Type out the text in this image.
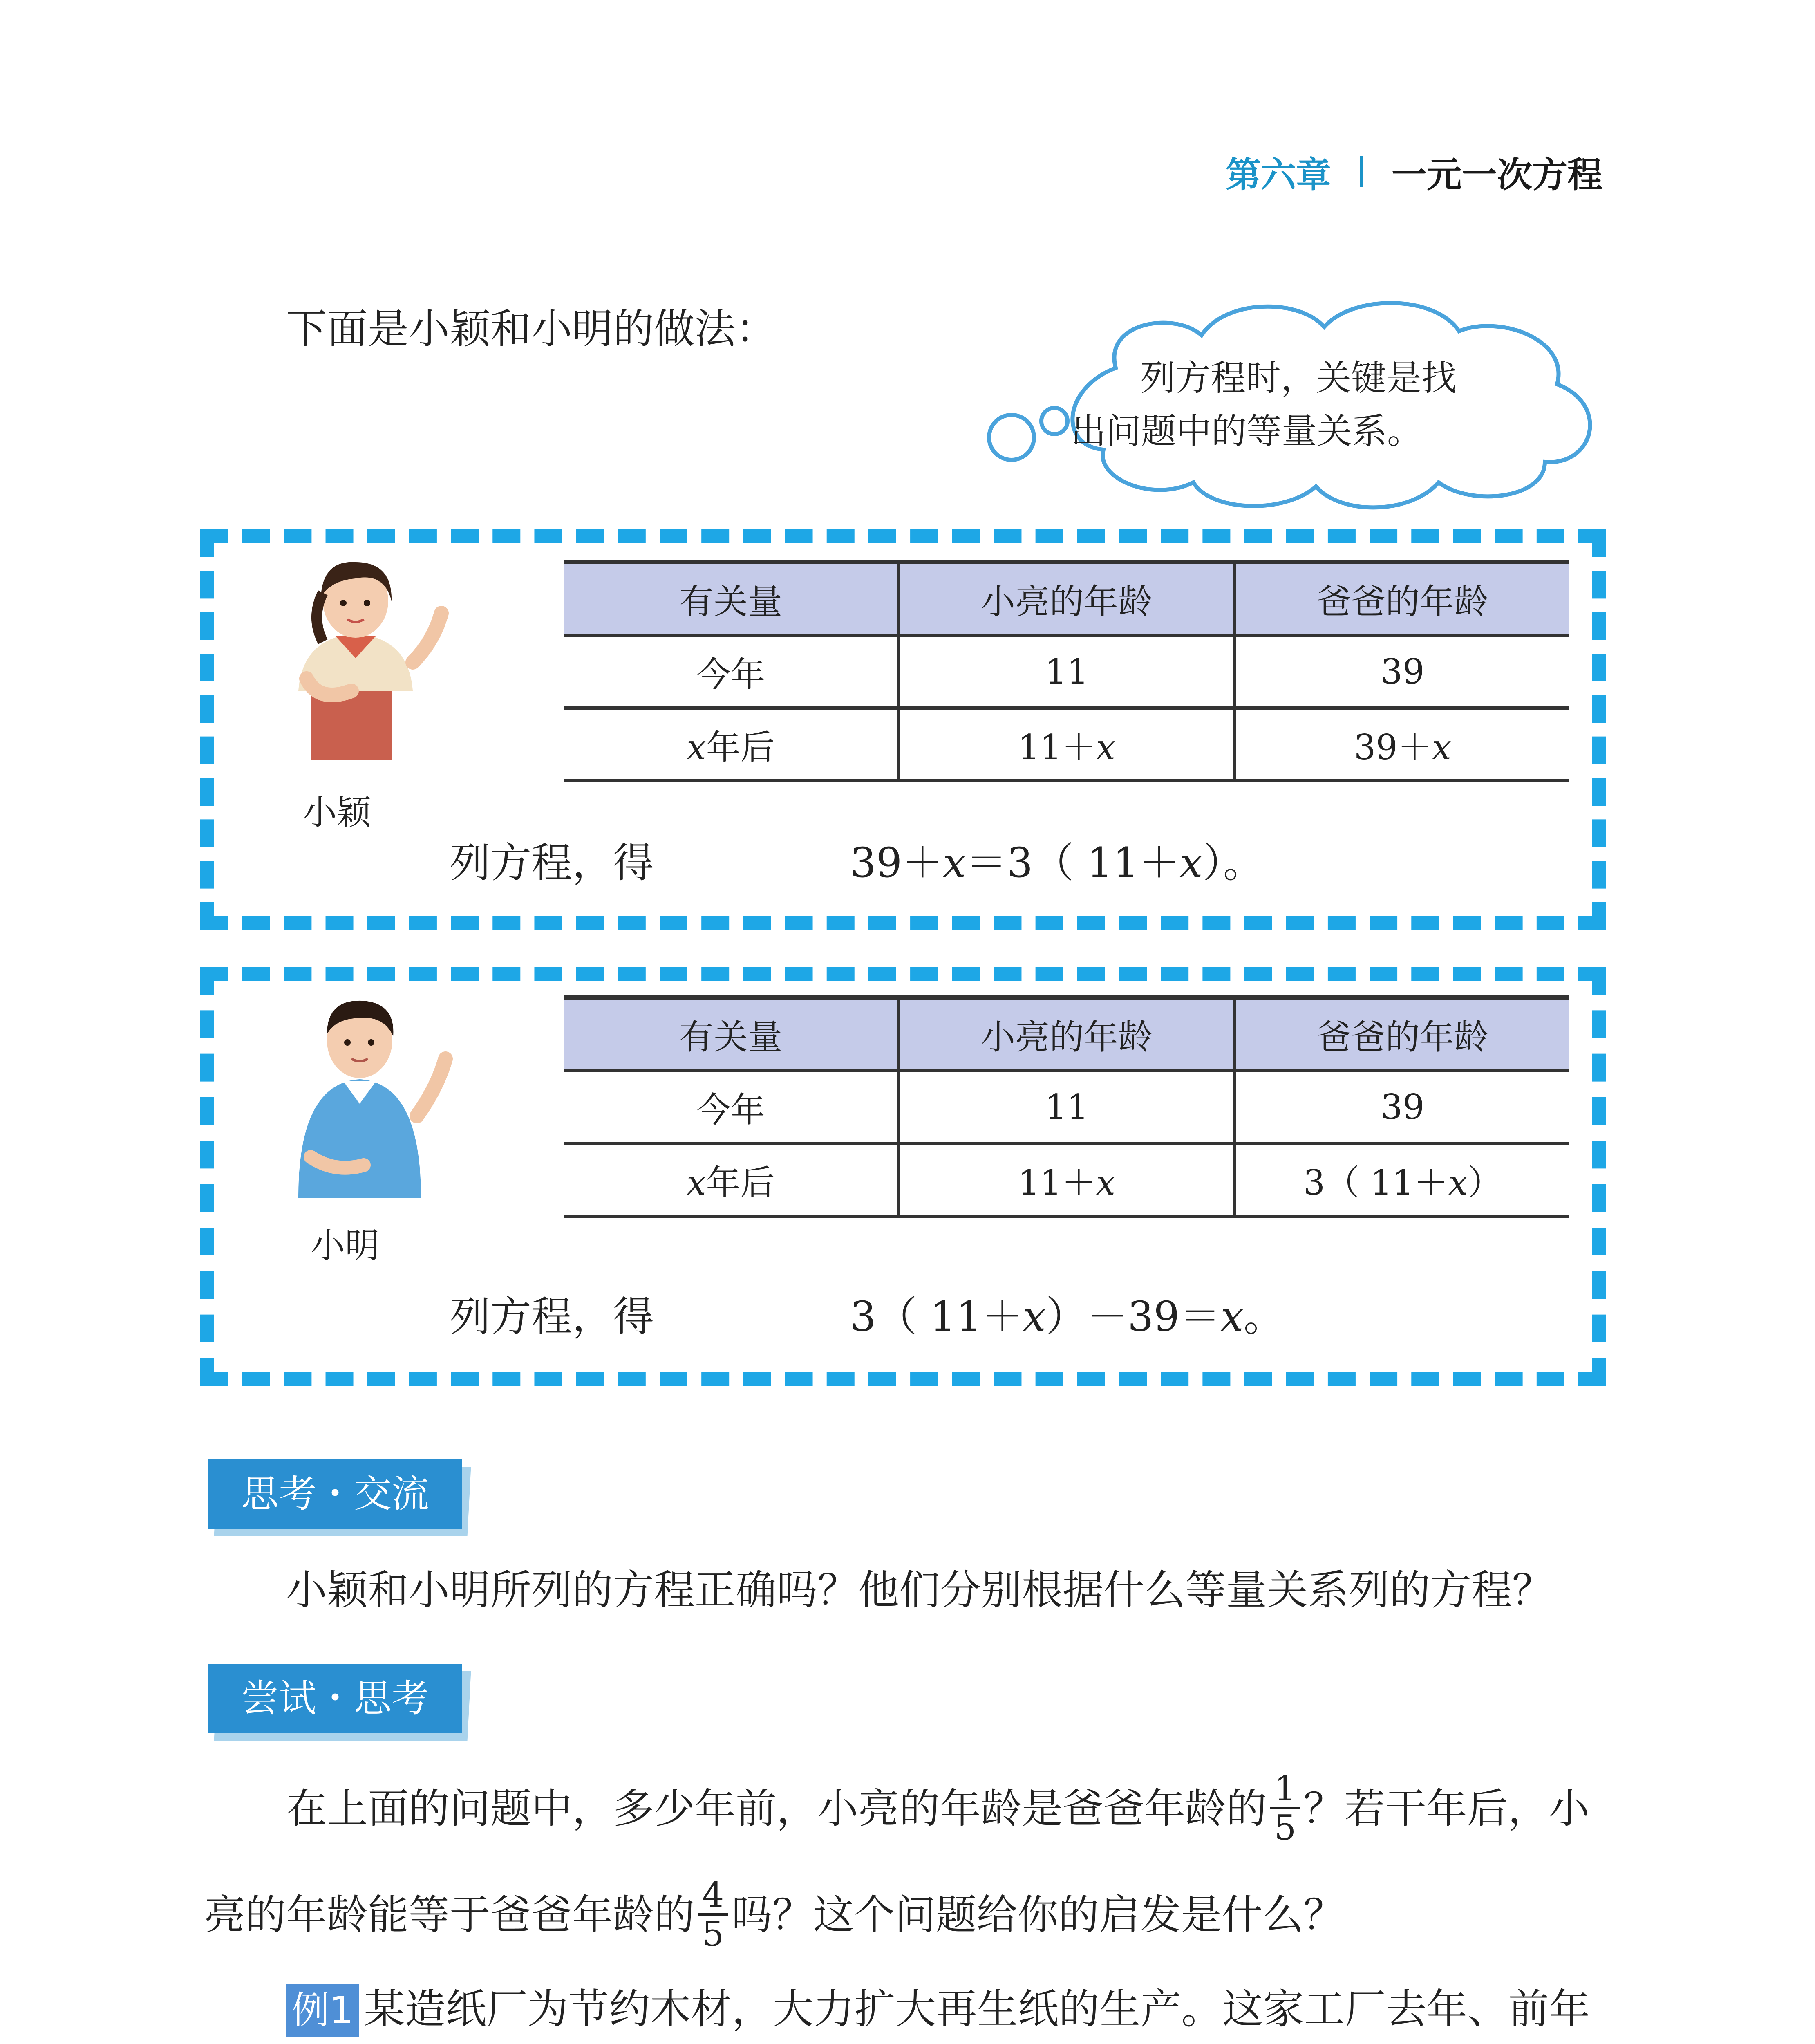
第六章 一元一次方程
下面是小颖和小明的做法：
列方程时，关键是找
出问题中的等量关系。
小颖
有关量	小亮的年龄	爸爸的年龄
今年	11	39
x年后	11＋x	39＋x
列方程，得	39＋x＝3（ 11＋x）。
小明
有关量	小亮的年龄	爸爸的年龄
今年	11	39
x年后	11＋x	3（ 11＋x）
列方程，得	3（ 11＋x）－39＝x。
思考・交流
小颖和小明所列的方程正确吗？他们分别根据什么等量关系列的方程？
尝试・思考
在上面的问题中，多少年前，小亮的年龄是爸爸年龄的 $\frac{1}{5}$ ？若干年后，小
亮的年龄能等于爸爸年龄的 $\frac{4}{5}$ 吗？这个问题给你的启发是什么？
例1 某造纸厂为节约木材，大力扩大再生纸的生产。这家工厂去年、前年
